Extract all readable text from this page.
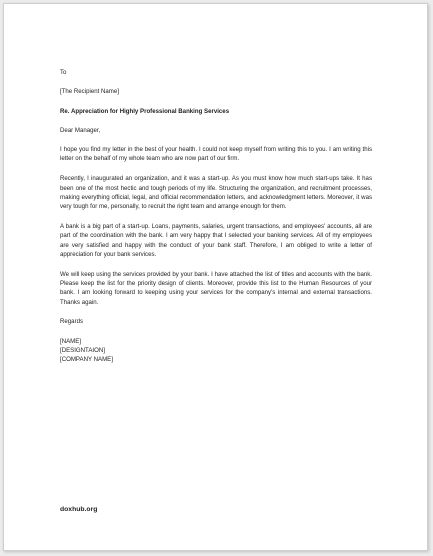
To

[The Recipient Name]

Re. Appreciation for Highly Professional Banking Services

Dear Manager,

I hope you find my letter in the best of your health. I could not keep myself from writing this to you. I am writing this letter on the behalf of my whole team who are now part of our firm.

Recently, I inaugurated an organization, and it was a start-up. As you must know how much start-ups take. It has been one of the most hectic and tough periods of my life. Structuring the organization, and recruitment processes, making everything official, legal, and official recommendation letters, and acknowledgment letters. Moreover, it was very tough for me, personally, to recruit the right team and arrange enough for them.

A bank is a big part of a start-up. Loans, payments, salaries, urgent transactions, and employees' accounts, all are part of the coordination with the bank. I am very happy that I selected your banking services. All of my employees are very satisfied and happy with the conduct of your bank staff. Therefore, I am obliged to write a letter of appreciation for your bank services.

We will keep using the services provided by your bank. I have attached the list of titles and accounts with the bank. Please keep the list for the priority design of clients. Moreover, provide this list to the Human Resources of your bank. I am looking forward to keeping using your services for the company's internal and external transactions. Thanks again.

Regards

[NAME]

[DESIGNTAION]

[COMPANY NAME]

doxhub.org
